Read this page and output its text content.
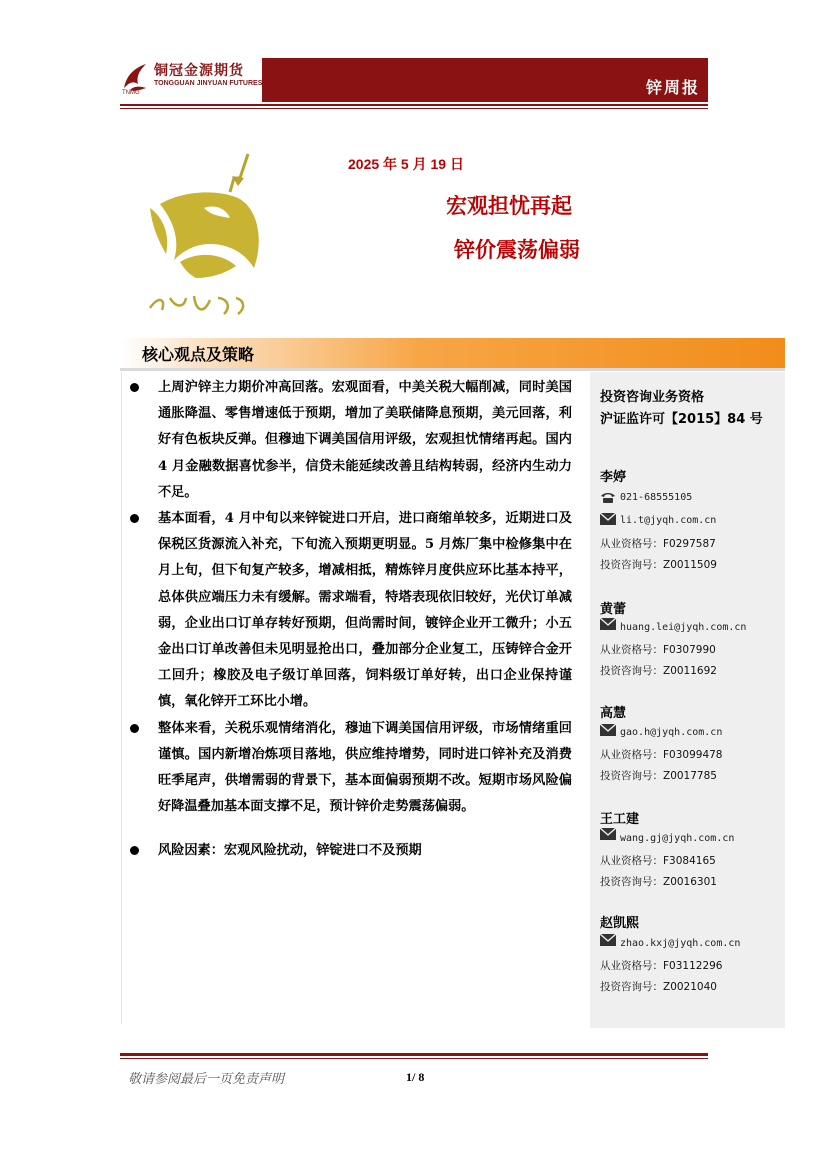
铜冠金源期货
TONGGUAN JINYUAN FUTURES
TNMG	锌周报
2025 年 5 月 19 日
宏观担忧再起
锌价震荡偏弱
核心观点及策略

上周沪锌主力期价冲高回落。宏观面看，中美关税大幅削减，同时美国通胀降温、零售增速低于预期，增加了美联储降息预期，美元回落，利好有色板块反弹。但穆迪下调美国信用评级，宏观担忧情绪再起。国内 4 月金融数据喜忧参半，信贷未能延续改善且结构转弱，经济内生动力不足。

基本面看，4 月中旬以来锌锭进口开启，进口商缩单较多，近期进口及保税区货源流入补充，下旬流入预期更明显。5 月炼厂集中检修集中在月上旬，但下旬复产较多，增减相抵，精炼锌月度供应环比基本持平，总体供应端压力未有缓解。需求端看，特塔表现依旧较好，光伏订单减弱，企业出口订单存转好预期，但尚需时间，镀锌企业开工微升；小五金出口订单改善但未见明显抢出口，叠加部分企业复工，压铸锌合金开工回升；橡胶及电子级订单回落，饲料级订单好转，出口企业保持谨慎，氧化锌开工环比小增。

整体来看，关税乐观情绪消化，穆迪下调美国信用评级，市场情绪重回谨慎。国内新增冶炼项目落地，供应维持增势，同时进口锌补充及消费旺季尾声，供增需弱的背景下，基本面偏弱预期不改。短期市场风险偏好降温叠加基本面支撑不足，预计锌价走势震荡偏弱。

风险因素：宏观风险扰动，锌锭进口不及预期

投资咨询业务资格
沪证监许可【2015】84 号
李婷
021-68555105
li.t@jyqh.com.cn
从业资格号：F0297587
投资咨询号：Z0011509
黄蕾
huang.lei@jyqh.com.cn
从业资格号：F0307990
投资咨询号：Z0011692
高慧
gao.h@jyqh.com.cn
从业资格号：F03099478
投资咨询号：Z0017785
王工建
wang.gj@jyqh.com.cn
从业资格号：F3084165
投资咨询号：Z0016301
赵凯熙
zhao.kxj@jyqh.com.cn
从业资格号：F03112296
投资咨询号：Z0021040
敬请参阅最后一页免责声明	1/ 8
